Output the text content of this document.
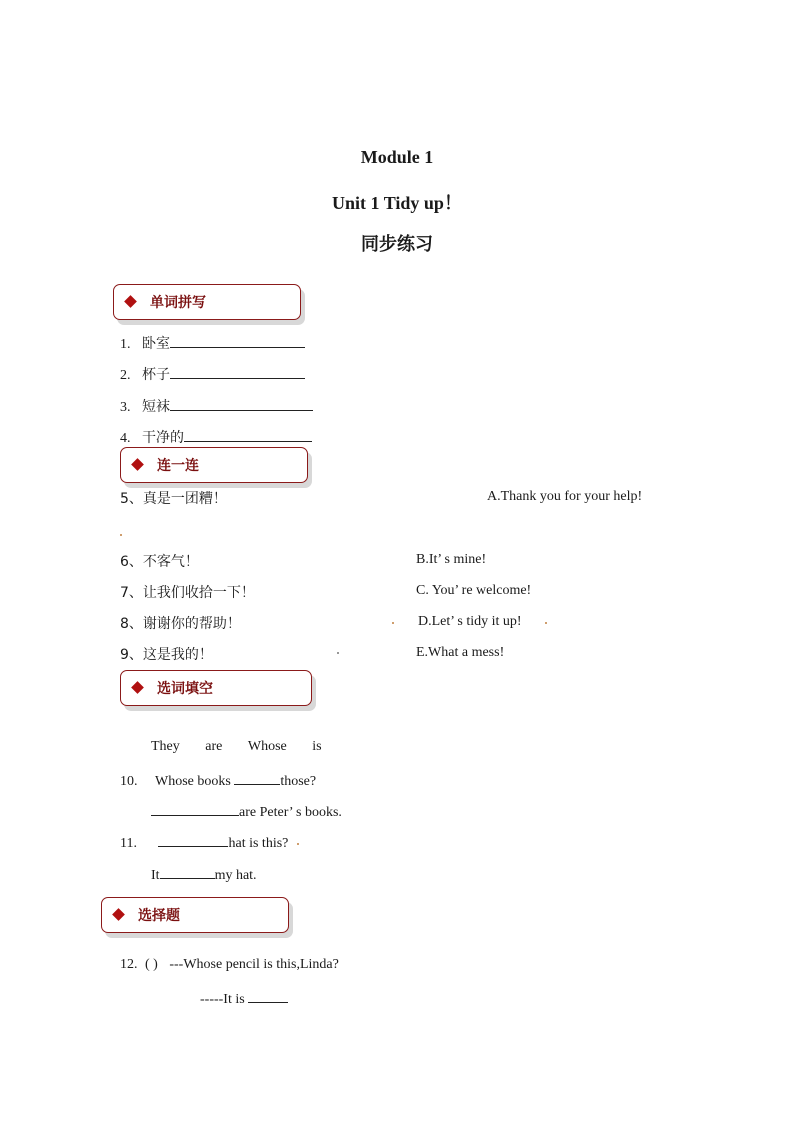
Module 1
Unit 1 Tidy up！
同步练习
单词拼写
1. 卧室
2. 杯子
3. 短袜
4. 干净的
连一连
5、真是一团糟！	A.Thank you for your help!
6、不客气！	B.It’ s mine!
7、让我们收拾一下！	C. You’ re welcome!
8、谢谢你的帮助！	D.Let’ s tidy it up!
9、这是我的！	E.What a mess!
选词填空
They are Whose is
10. Whose books	those?
are Peter’ s books.
11.	hat is this?
It	my hat.
选择题
12. ( ) ---Whose pencil is this,Linda?
-----It is
